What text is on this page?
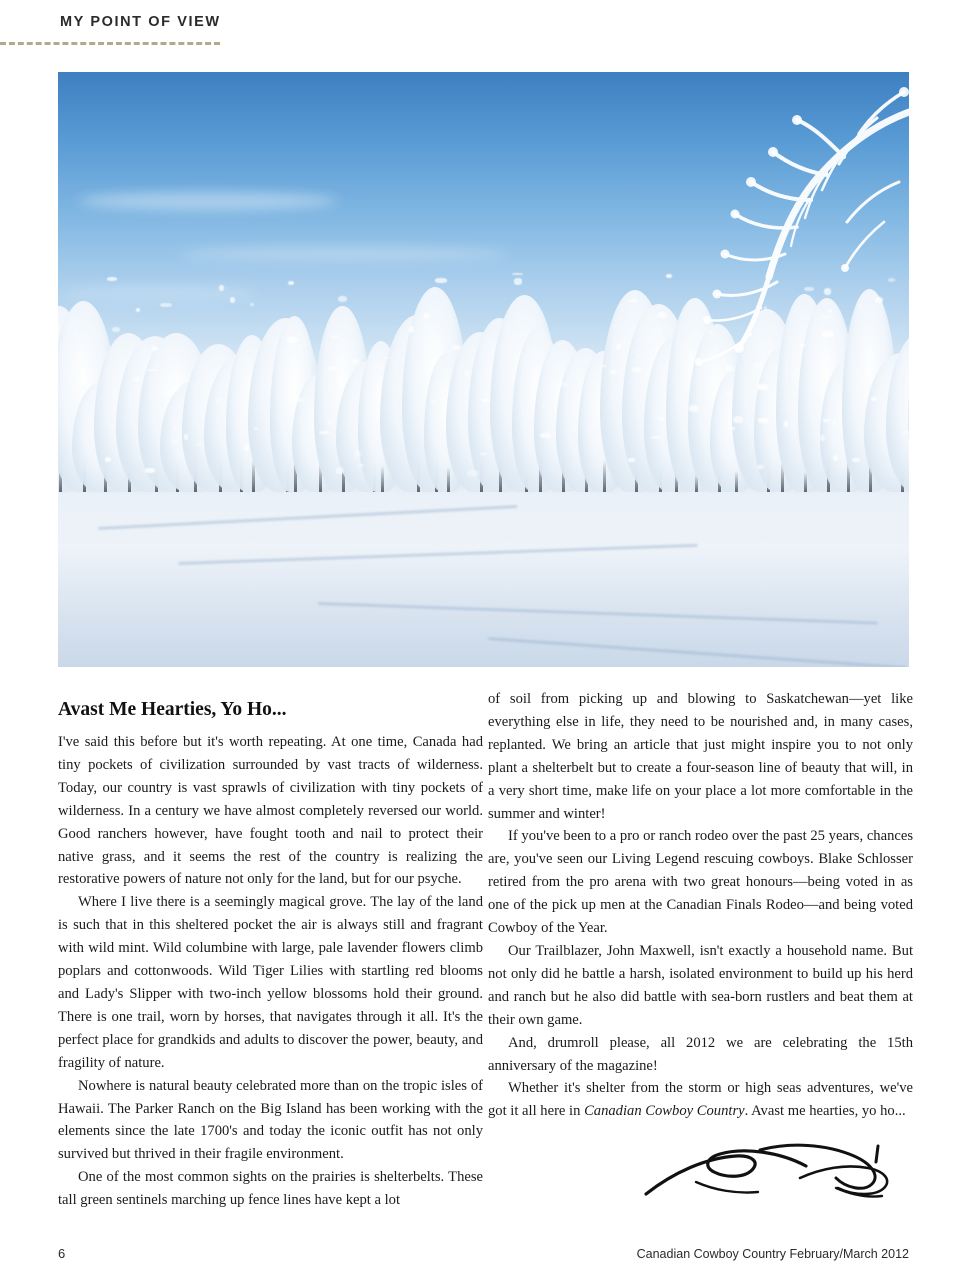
MY POINT OF VIEW
Avast Me Hearties, Yo Ho...

I've said this before but it's worth repeating. At one time, Canada had tiny pockets of civilization surrounded by vast tracts of wilderness. Today, our country is vast sprawls of civilization with tiny pockets of wilderness. In a century we have almost completely reversed our world. Good ranchers however, have fought tooth and nail to protect their native grass, and it seems the rest of the country is realizing the restorative powers of nature not only for the land, but for our psyche.

Where I live there is a seemingly magical grove. The lay of the land is such that in this sheltered pocket the air is always still and fragrant with wild mint. Wild columbine with large, pale lavender flowers climb poplars and cottonwoods. Wild Tiger Lilies with startling red blooms and Lady's Slipper with two-inch yellow blossoms hold their ground. There is one trail, worn by horses, that navigates through it all. It's the perfect place for grandkids and adults to discover the power, beauty, and fragility of nature.

Nowhere is natural beauty celebrated more than on the tropic isles of Hawaii. The Parker Ranch on the Big Island has been working with the elements since the late 1700's and today the iconic outfit has not only survived but thrived in their fragile environment.

One of the most common sights on the prairies is shelterbelts. These tall green sentinels marching up fence lines have kept a lot

of soil from picking up and blowing to Saskatchewan—yet like everything else in life, they need to be nourished and, in many cases, replanted. We bring an article that just might inspire you to not only plant a shelterbelt but to create a four-season line of beauty that will, in a very short time, make life on your place a lot more comfortable in the summer and winter!

If you've been to a pro or ranch rodeo over the past 25 years, chances are, you've seen our Living Legend rescuing cowboys. Blake Schlosser retired from the pro arena with two great honours—being voted in as one of the pick up men at the Canadian Finals Rodeo—and being voted Cowboy of the Year.

Our Trailblazer, John Maxwell, isn't exactly a household name. But not only did he battle a harsh, isolated environment to build up his herd and ranch but he also did battle with sea-born rustlers and beat them at their own game.

And, drumroll please, all 2012 we are celebrating the 15th anniversary of the magazine!

Whether it's shelter from the storm or high seas adventures, we've got it all here in Canadian Cowboy Country. Avast me hearties, yo ho...

6	Canadian Cowboy Country February/March 2012
